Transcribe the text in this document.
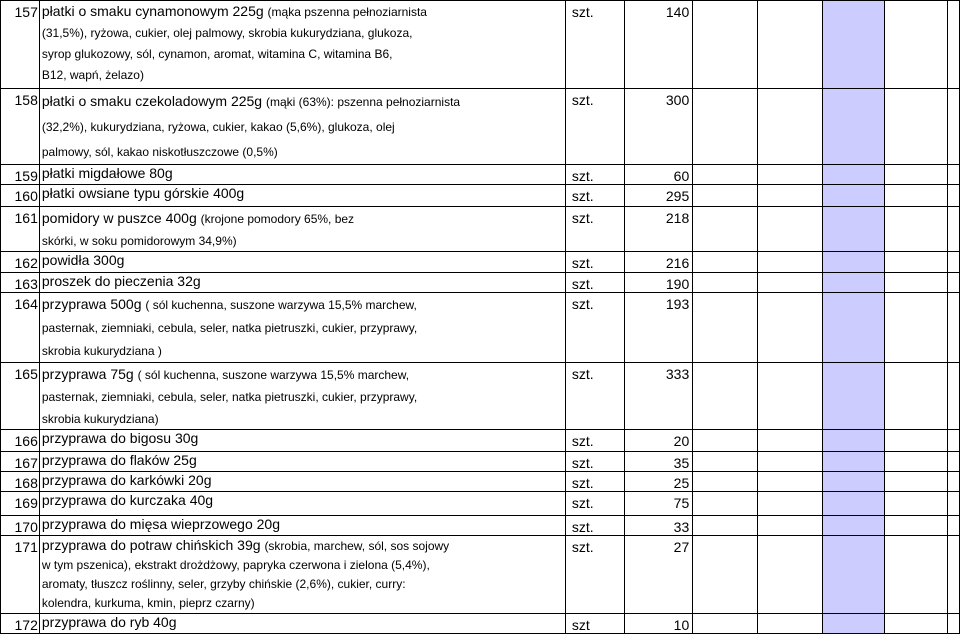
157	płatki o smaku cynamonowym 225g (mąka pszenna pełnoziarnista
(31,5%), ryżowa, cukier, olej palmowy, skrobia kukurydziana, glukoza,
syrop glukozowy, sól, cynamon, aromat, witamina C, witamina B6,
B12, wapń, żelazo)	szt.	140					
158	płatki o smaku czekoladowym 225g (mąki (63%): pszenna pełnoziarnista
(32,2%), kukurydziana, ryżowa, cukier, kakao (5,6%), glukoza, olej
palmowy, sól, kakao niskotłuszczowe (0,5%)	szt.	300					
159	płatki migdałowe 80g	szt.	60					
160	płatki owsiane typu górskie 400g	szt.	295					
161	pomidory w puszce 400g (krojone pomodory 65%, bez
skórki, w soku pomidorowym 34,9%)	szt.	218					
162	powidła 300g	szt.	216					
163	proszek do pieczenia 32g	szt.	190					
164	przyprawa 500g ( sól kuchenna, suszone warzywa 15,5% marchew,
pasternak, ziemniaki, cebula, seler, natka pietruszki, cukier, przyprawy,
skrobia kukurydziana )	szt.	193					
165	przyprawa 75g ( sól kuchenna, suszone warzywa 15,5% marchew,
pasternak, ziemniaki, cebula, seler, natka pietruszki, cukier, przyprawy,
skrobia kukurydziana)	szt.	333					
166	przyprawa do bigosu 30g	szt.	20					
167	przyprawa do flaków 25g	szt.	35					
168	przyprawa do karkówki 20g	szt.	25					
169	przyprawa do kurczaka 40g	szt.	75					
170	przyprawa do mięsa wieprzowego 20g	szt.	33					
171	przyprawa do potraw chińskich 39g (skrobia, marchew, sól, sos sojowy
w tym pszenica), ekstrakt drożdżowy, papryka czerwona i zielona (5,4%),
aromaty, tłuszcz roślinny, seler, grzyby chińskie (2,6%), cukier, curry:
kolendra, kurkuma, kmin, pieprz czarny)	szt.	27					
172	przyprawa do ryb 40g	szt	10					
